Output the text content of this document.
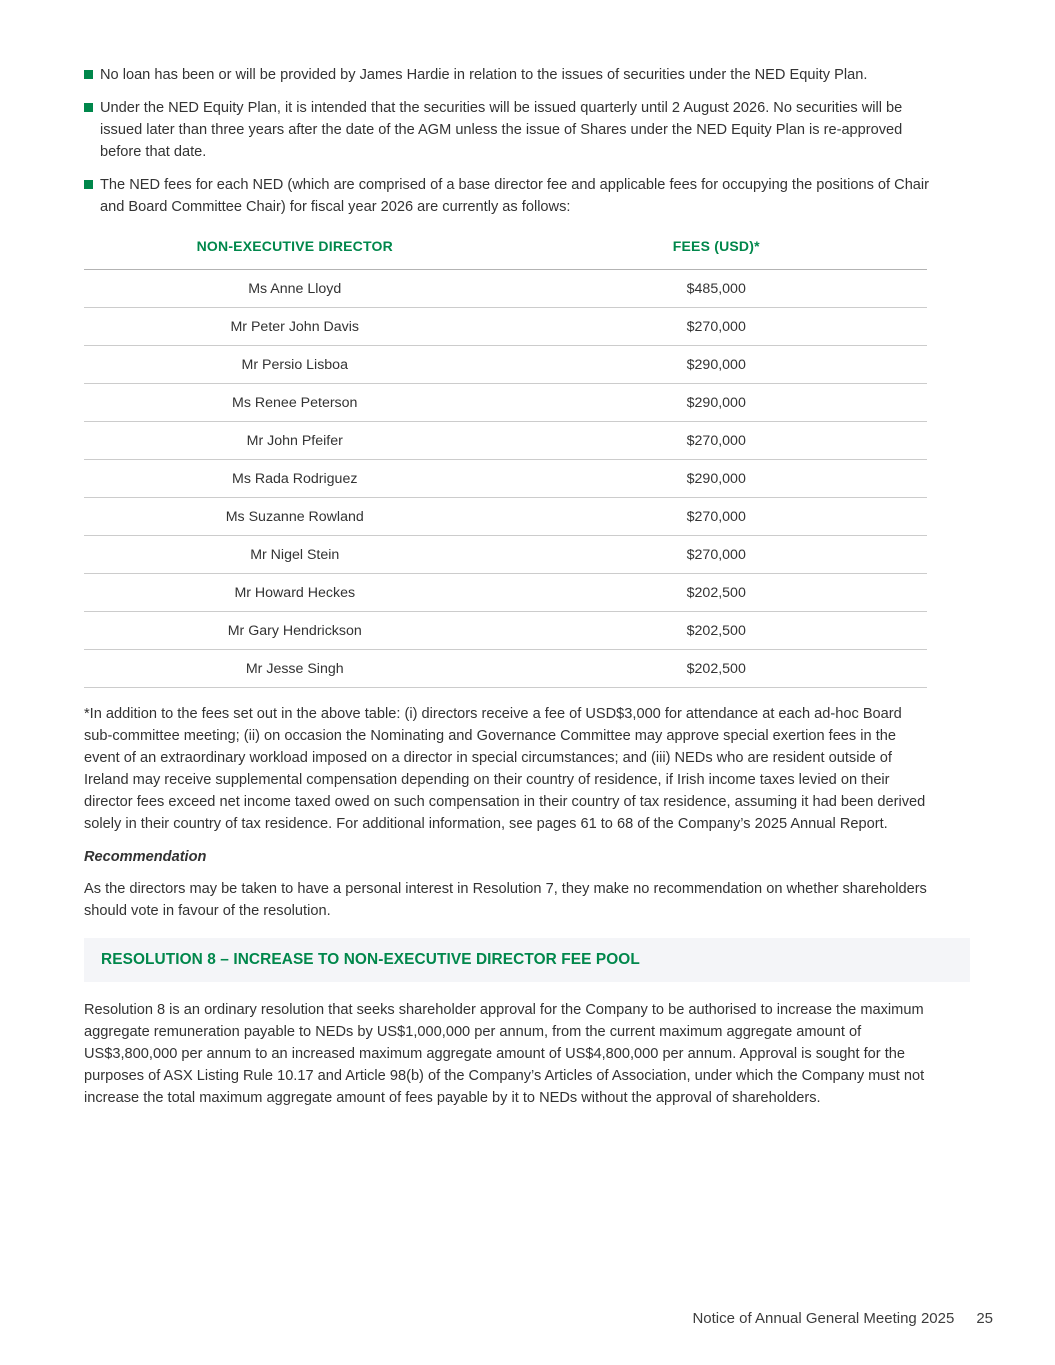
No loan has been or will be provided by James Hardie in relation to the issues of securities under the NED Equity Plan.
Under the NED Equity Plan, it is intended that the securities will be issued quarterly until 2 August 2026. No securities will be issued later than three years after the date of the AGM unless the issue of Shares under the NED Equity Plan is re-approved before that date.
The NED fees for each NED (which are comprised of a base director fee and applicable fees for occupying the positions of Chair and Board Committee Chair) for fiscal year 2026 are currently as follows:
NON-EXECUTIVE DIRECTOR	FEES (USD)*
Ms Anne Lloyd	$485,000
Mr Peter John Davis	$270,000
Mr Persio Lisboa	$290,000
Ms Renee Peterson	$290,000
Mr John Pfeifer	$270,000
Ms Rada Rodriguez	$290,000
Ms Suzanne Rowland	$270,000
Mr Nigel Stein	$270,000
Mr Howard Heckes	$202,500
Mr Gary Hendrickson	$202,500
Mr Jesse Singh	$202,500

*In addition to the fees set out in the above table: (i) directors receive a fee of USD$3,000 for attendance at each ad-hoc Board sub-committee meeting; (ii) on occasion the Nominating and Governance Committee may approve special exertion fees in the event of an extraordinary workload imposed on a director in special circumstances; and (iii) NEDs who are resident outside of Ireland may receive supplemental compensation depending on their country of residence, if Irish income taxes levied on their director fees exceed net income taxed owed on such compensation in their country of tax residence, assuming it had been derived solely in their country of tax residence. For additional information, see pages 61 to 68 of the Company’s 2025 Annual Report.

Recommendation

As the directors may be taken to have a personal interest in Resolution 7, they make no recommendation on whether shareholders should vote in favour of the resolution.

RESOLUTION 8 – INCREASE TO NON-EXECUTIVE DIRECTOR FEE POOL

Resolution 8 is an ordinary resolution that seeks shareholder approval for the Company to be authorised to increase the maximum aggregate remuneration payable to NEDs by US$1,000,000 per annum, from the current maximum aggregate amount of US$3,800,000 per annum to an increased maximum aggregate amount of US$4,800,000 per annum. Approval is sought for the purposes of ASX Listing Rule 10.17 and Article 98(b) of the Company’s Articles of Association, under which the Company must not increase the total maximum aggregate amount of fees payable by it to NEDs without the approval of shareholders.

Notice of Annual General Meeting 2025 25
